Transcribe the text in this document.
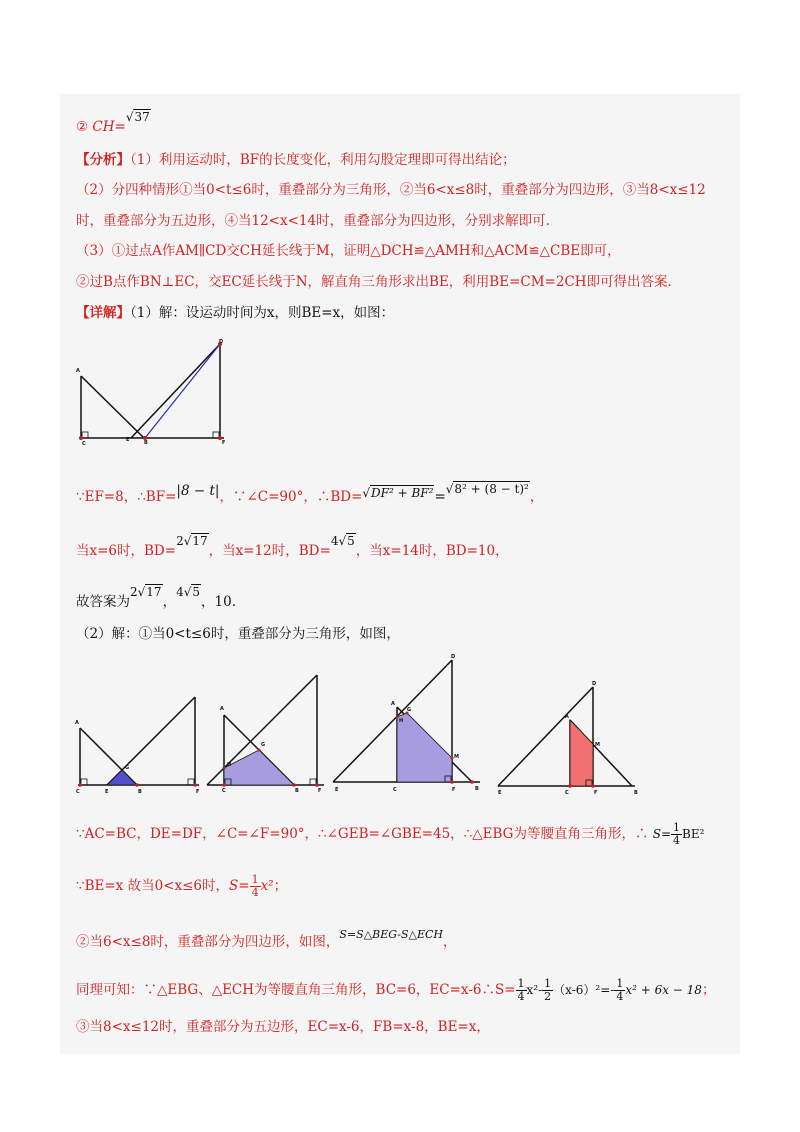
② CH=√37
【分析】（1）利用运动时，BF的长度变化，利用勾股定理即可得出结论；
（2）分四种情形①当0<t≤6时，重叠部分为三角形，②当6<x≤8时，重叠部分为四边形，③当8<x≤12
时，重叠部分为五边形，④当12<x<14时，重叠部分为四边形，分别求解即可.
（3）①过点A作AM∥CD交CH延长线于M，证明△DCH≌△AMH和△ACM≌△CBE即可，
②过B点作BN⊥EC，交EC延长线于N，解直角三角形求出BE，利用BE=CM=2CH即可得出答案.
【详解】（1）解：设运动时间为x，则BE=x，如图：
A
C
E	B
D
F
∵EF=8，∴BF=|8 − t|，∵∠C=90°，∴BD=√DF² + BF²=√8² + (8 − t)²，
当x=6时，BD=2√17，当x=12时，BD=4√5，当x=14时，BD=10，
故答案为2√17，4√5，10.
（2）解：①当0<t≤6时，重叠部分为三角形，如图，
A
G
C	E	B	F
A
G
H
C	B	F
D
A
H
G
M
E	C	F	B
D
A
M
E	C	F	B
∵AC=BC，DE=DF，∠C=∠F=90°，∴∠GEB=∠GBE=45，∴△EBG为等腰直角三角形，∴ $S= \frac{1}{4} BE^2$
∵BE=x 故当0<x≤6时，$S= \frac{1}{4} x^2$；
②当6<x≤8时，重叠部分为四边形，如图，$^{S=S\triangle BEG-S\triangle ECH}$，
同理可知：∵△EBG、△ECH为等腰直角三角形，BC=6，EC=x-6∴S= $\frac{1}{4} x^2- \frac{1}{2} (x-6)^2=- \frac{1}{4} x^2 + 6x - 18$；
③当8<x≤12时，重叠部分为五边形，EC=x-6，FB=x-8，BE=x，
